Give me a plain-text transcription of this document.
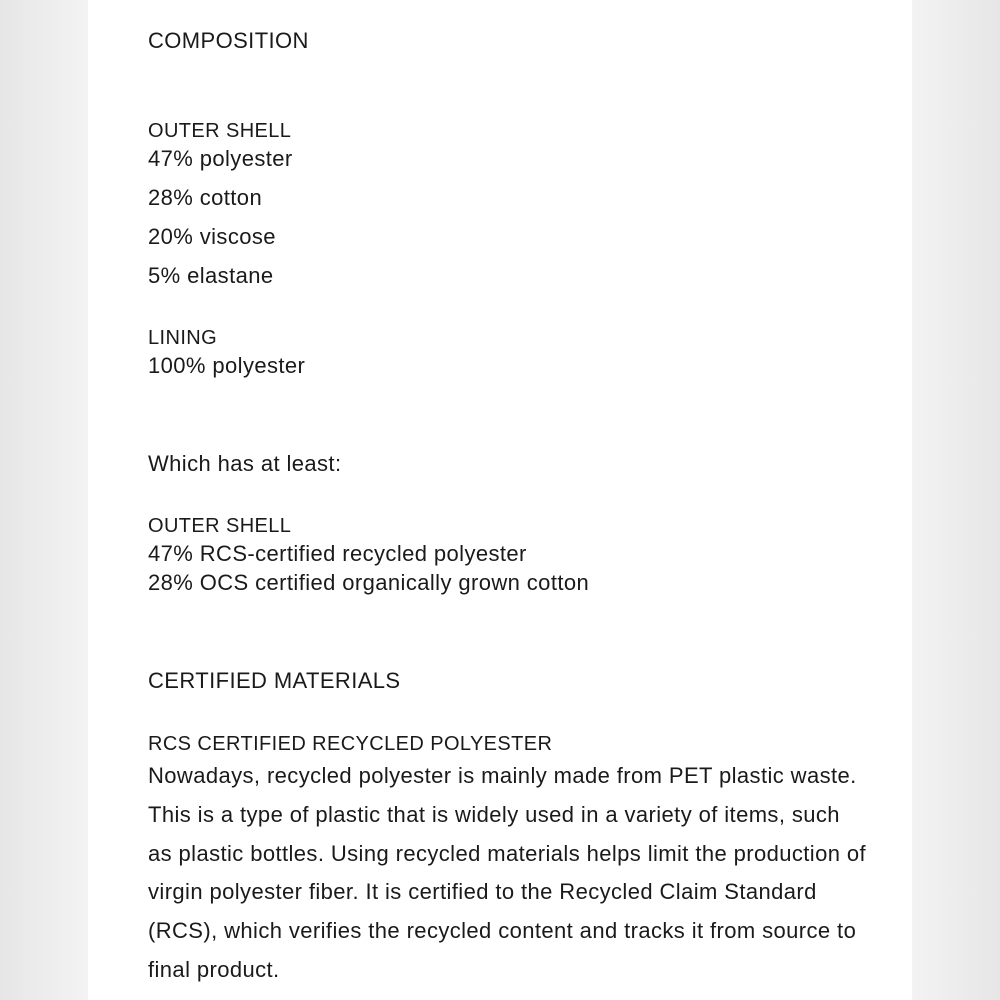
COMPOSITION

OUTER SHELL

47% polyester

28% cotton

20% viscose

5% elastane

LINING

100% polyester

Which has at least:

OUTER SHELL

47% RCS-certified recycled polyester

28% OCS certified organically grown cotton

CERTIFIED MATERIALS

RCS CERTIFIED RECYCLED POLYESTER

Nowadays, recycled polyester is mainly made from PET plastic waste. This is a type of plastic that is widely used in a variety of items, such as plastic bottles. Using recycled materials helps limit the production of virgin polyester fiber. It is certified to the Recycled Claim Standard (RCS), which verifies the recycled content and tracks it from source to final product.
